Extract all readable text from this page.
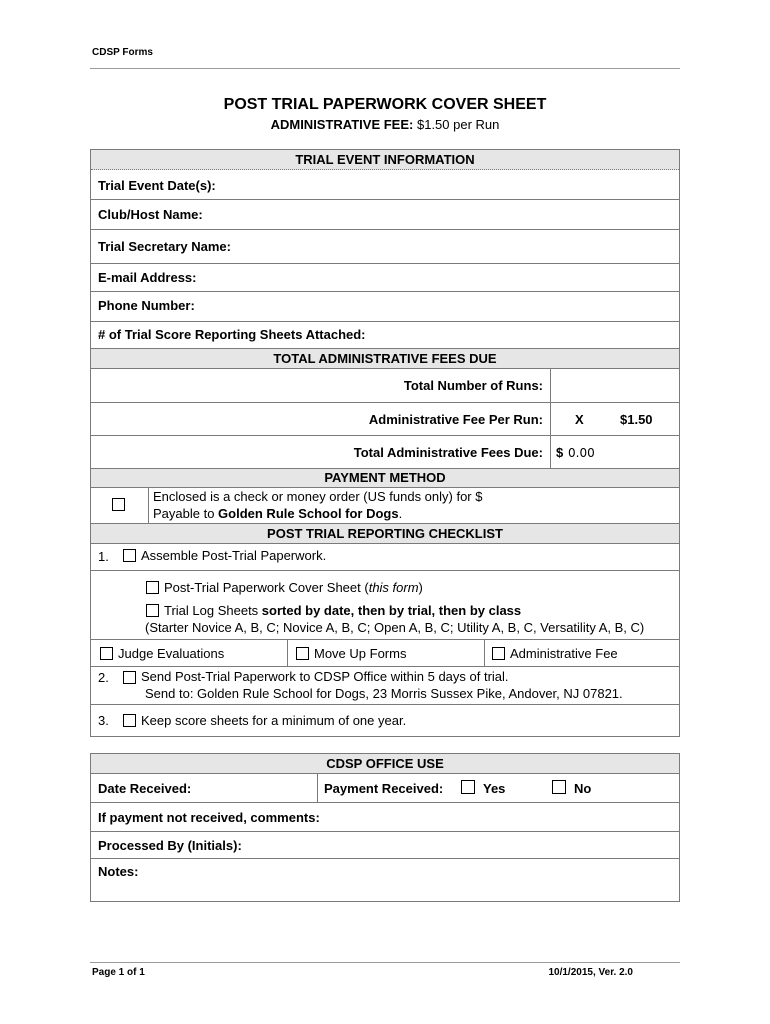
CDSP Forms
POST TRIAL PAPERWORK COVER SHEET
ADMINISTRATIVE FEE: $1.50 per Run
TRIAL EVENT INFORMATION
Trial Event Date(s):
Club/Host Name:
Trial Secretary Name:
E-mail Address:
Phone Number:
# of Trial Score Reporting Sheets Attached:
TOTAL ADMINISTRATIVE FEES DUE
Total Number of Runs:
Administrative Fee Per Run: X	$1.50
Total Administrative Fees Due: $ 0.00
PAYMENT METHOD
Enclosed is a check or money order (US funds only) for $
Payable to Golden Rule School for Dogs.
POST TRIAL REPORTING CHECKLIST
1. Assemble Post-Trial Paperwork.
Post-Trial Paperwork Cover Sheet (this form)
Trial Log Sheets sorted by date, then by trial, then by class
(Starter Novice A, B, C; Novice A, B, C; Open A, B, C; Utility A, B, C, Versatility A, B, C)
Judge Evaluations	Move Up Forms	Administrative Fee
2. Send Post-Trial Paperwork to CDSP Office within 5 days of trial.
Send to: Golden Rule School for Dogs, 23 Morris Sussex Pike, Andover, NJ 07821.
3. Keep score sheets for a minimum of one year.
CDSP OFFICE USE
Date Received:	Payment Received:	Yes	No
If payment not received, comments:
Processed By (Initials):
Notes:
Page 1 of 1	10/1/2015, Ver. 2.0
